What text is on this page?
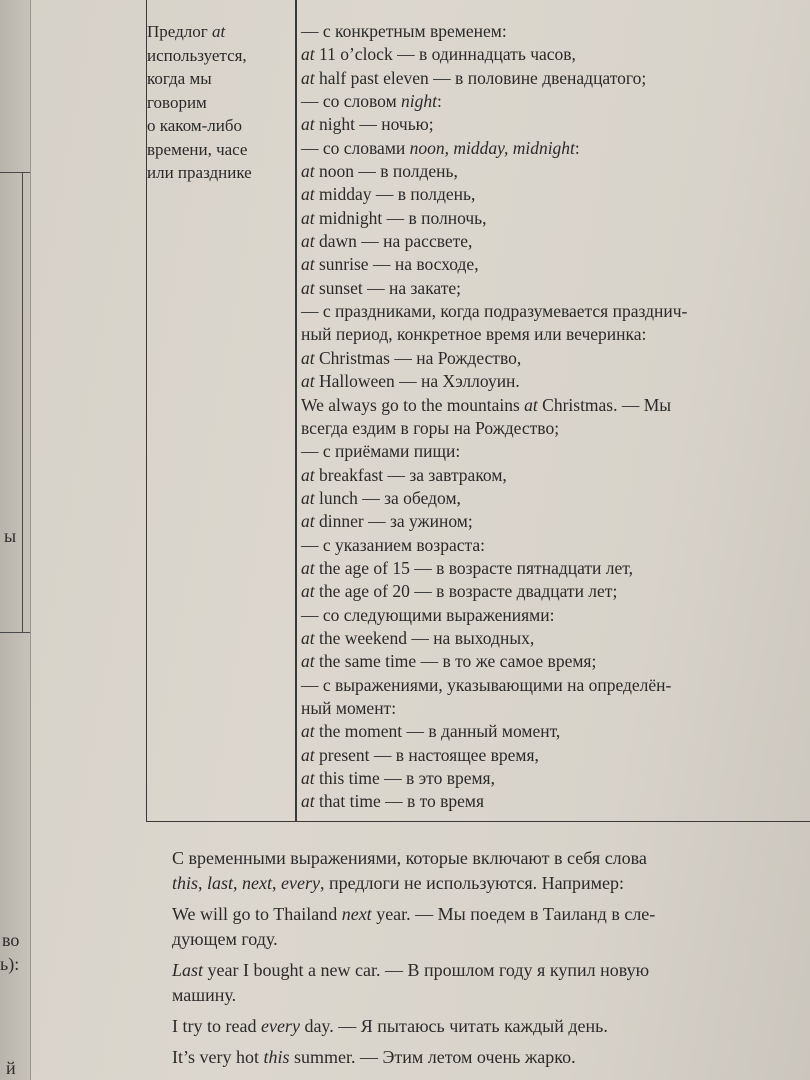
ы
во
ь):
й
Предлог at
используется,
когда мы
говорим
о каком-либо
времени, часе
или празднике
— с конкретным временем:
at 11 o’clock — в одиннадцать часов,
at half past eleven — в половине двенадцатого;
— со словом night:
at night — ночью;
— со словами noon, midday, midnight:
at noon — в полдень,
at midday — в полдень,
at midnight — в полночь,
at dawn — на рассвете,
at sunrise — на восходе,
at sunset — на закате;
— с праздниками, когда подразумевается празднич-
ный период, конкретное время или вечеринка:
at Christmas — на Рождество,
at Halloween — на Хэллоуин.
We always go to the mountains at Christmas. — Мы
всегда ездим в горы на Рождество;
— с приёмами пищи:
at breakfast — за завтраком,
at lunch — за обедом,
at dinner — за ужином;
— с указанием возраста:
at the age of 15 — в возрасте пятнадцати лет,
at the age of 20 — в возрасте двадцати лет;
— со следующими выражениями:
at the weekend — на выходных,
at the same time — в то же самое время;
— с выражениями, указывающими на определён-
ный момент:
at the moment — в данный момент,
at present — в настоящее время,
at this time — в это время,
at that time — в то время
С временными выражениями, которые включают в себя слова
this, last, next, every, предлоги не используются. Например:
We will go to Thailand next year. — Мы поедем в Таиланд в сле-
дующем году.
Last year I bought a new car. — В прошлом году я купил новую
машину.
I try to read every day. — Я пытаюсь читать каждый день.
It’s very hot this summer. — Этим летом очень жарко.
